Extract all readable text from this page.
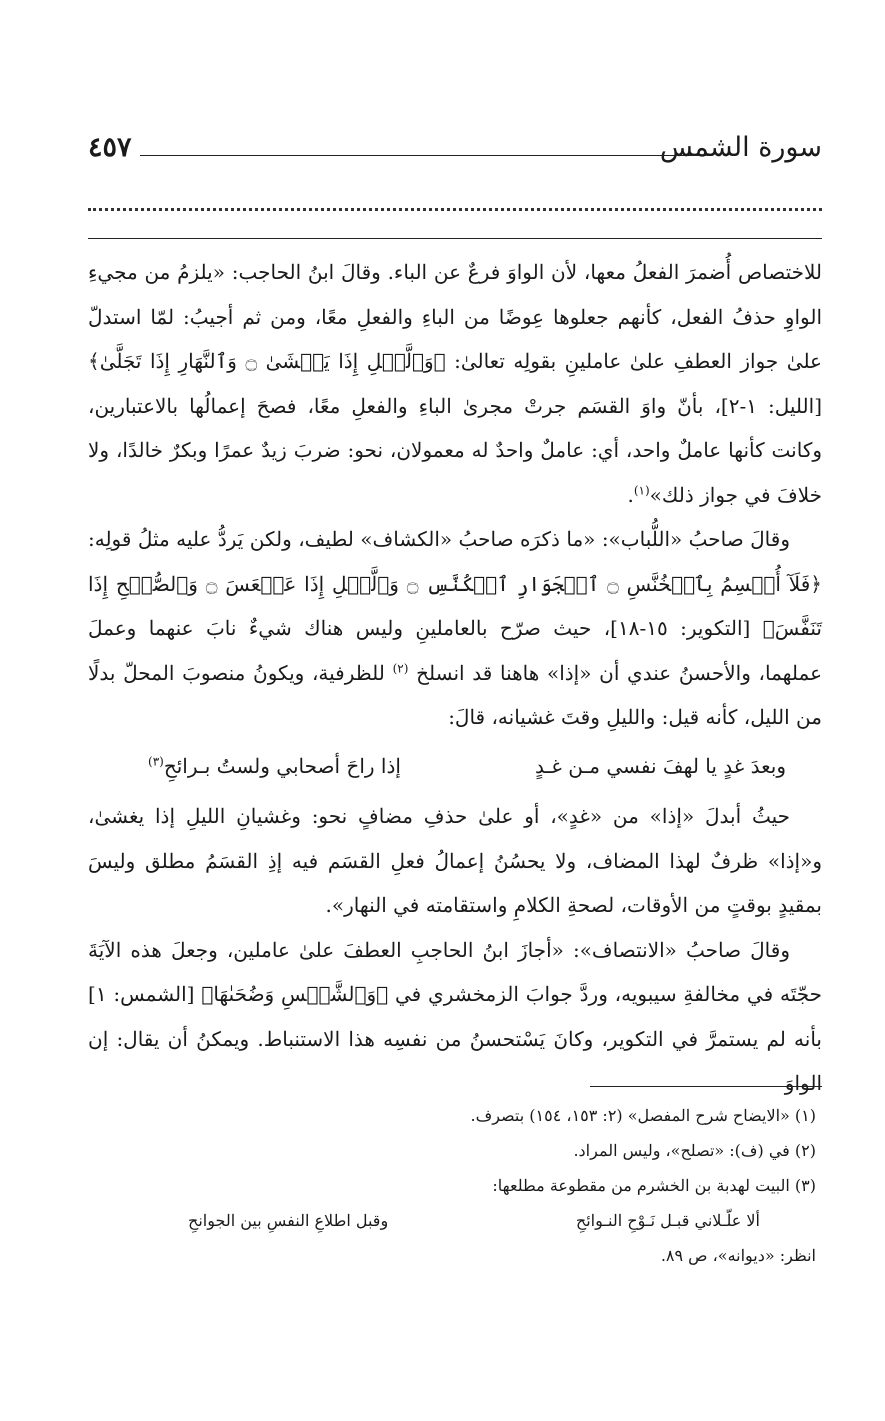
سورة الشمس
٤٥٧

للاختصاص أُضمرَ الفعلُ معها، لأن الواوَ فرعٌ عن الباء. وقالَ ابنُ الحاجب: «يلزمُ من مجيءِ الواوِ حذفُ الفعل، كأنهم جعلوها عِوضًا من الباءِ والفعلِ معًا، ومن ثم أجيبُ: لمّا استدلّ علىٰ جواز العطفِ علىٰ عاملينِ بقولِه تعالىٰ: ﴿وَٱلَّيۡلِ إِذَا يَغۡشَىٰ ۝ وَٱلنَّهَارِ إِذَا تَجَلَّىٰ﴾ [الليل: ١-٢]، بأنّ واوَ القسَم جرتْ مجرىٰ الباءِ والفعلِ معًا، فصحَ إعمالُها بالاعتبارين، وكانت كأنها عاملٌ واحد، أي: عاملٌ واحدٌ له معمولان، نحو: ضربَ زيدٌ عمرًا وبكرٌ خالدًا، ولا خلافَ في جواز ذلك»$^{(١)}$.

وقالَ صاحبُ «اللُّباب»: «ما ذكرَه صاحبُ «الكشاف» لطيف، ولكن يَردُّ عليه مثلُ قولِه: ﴿فَلَآ أُقۡسِمُ بِٱلۡخُنَّسِ ۝ ٱلۡجَوَارِ ٱلۡكُنَّسِ ۝ وَٱلَّيۡلِ إِذَا عَسۡعَسَ ۝ وَٱلصُّبۡحِ إِذَا تَنَفَّسَ﴾ [التكوير: ١٥-١٨]، حيث صرّح بالعاملينِ وليس هناك شيءٌ نابَ عنهما وعملَ عملهما، والأحسنُ عندي أن «إذا» هاهنا قد انسلخ $^{(٢)}$ للظرفية، ويكونُ منصوبَ المحلّ بدلًا من الليل، كأنه قيل: والليلِ وقتَ غشيانه، قالَ:

وبعدَ غدٍ يا لهفَ نفسي مـن غـدٍ
إذا راحَ أصحابي ولستُ بـرائحِ$^{(٣)}$

حيثُ أبدلَ «إذا» من «غدٍ»، أو علىٰ حذفِ مضافٍ نحو: وغشيانِ الليلِ إذا يغشىٰ، و«إذا» ظرفٌ لهذا المضاف، ولا يحسُنُ إعمالُ فعلِ القسَم فيه إذِ القسَمُ مطلق وليسَ بمقيدٍ بوقتٍ من الأوقات، لصحةِ الكلامِ واستقامته في النهار».

وقالَ صاحبُ «الانتصاف»: «أجازَ ابنُ الحاجبِ العطفَ علىٰ عاملين، وجعلَ هذه الآيَةَ حجّتَه في مخالفةِ سيبويه، وردَّ جوابَ الزمخشري في ﴿وَٱلشَّمۡسِ وَضُحَىٰهَا﴾ [الشمس: ١] بأنه لم يستمرَّ في التكوير، وكانَ يَسْتحسنُ من نفسِه هذا الاستنباط. ويمكنُ أن يقال: إن الواوَ

(١) «الايضاح شرح المفصل» (٢: ١٥٣، ١٥٤) بتصرف.

(٢) في (ف): «تصلح»، وليس المراد.

(٣) البيت لهدبة بن الخشرم من مقطوعة مطلعها:

ألا علّـلاني قبـل نَـوْحِ النـوائحِ
وقبل اطلاعِ النفسِ بين الجوانحِ

انظر: «ديوانه»، ص ٨٩.
